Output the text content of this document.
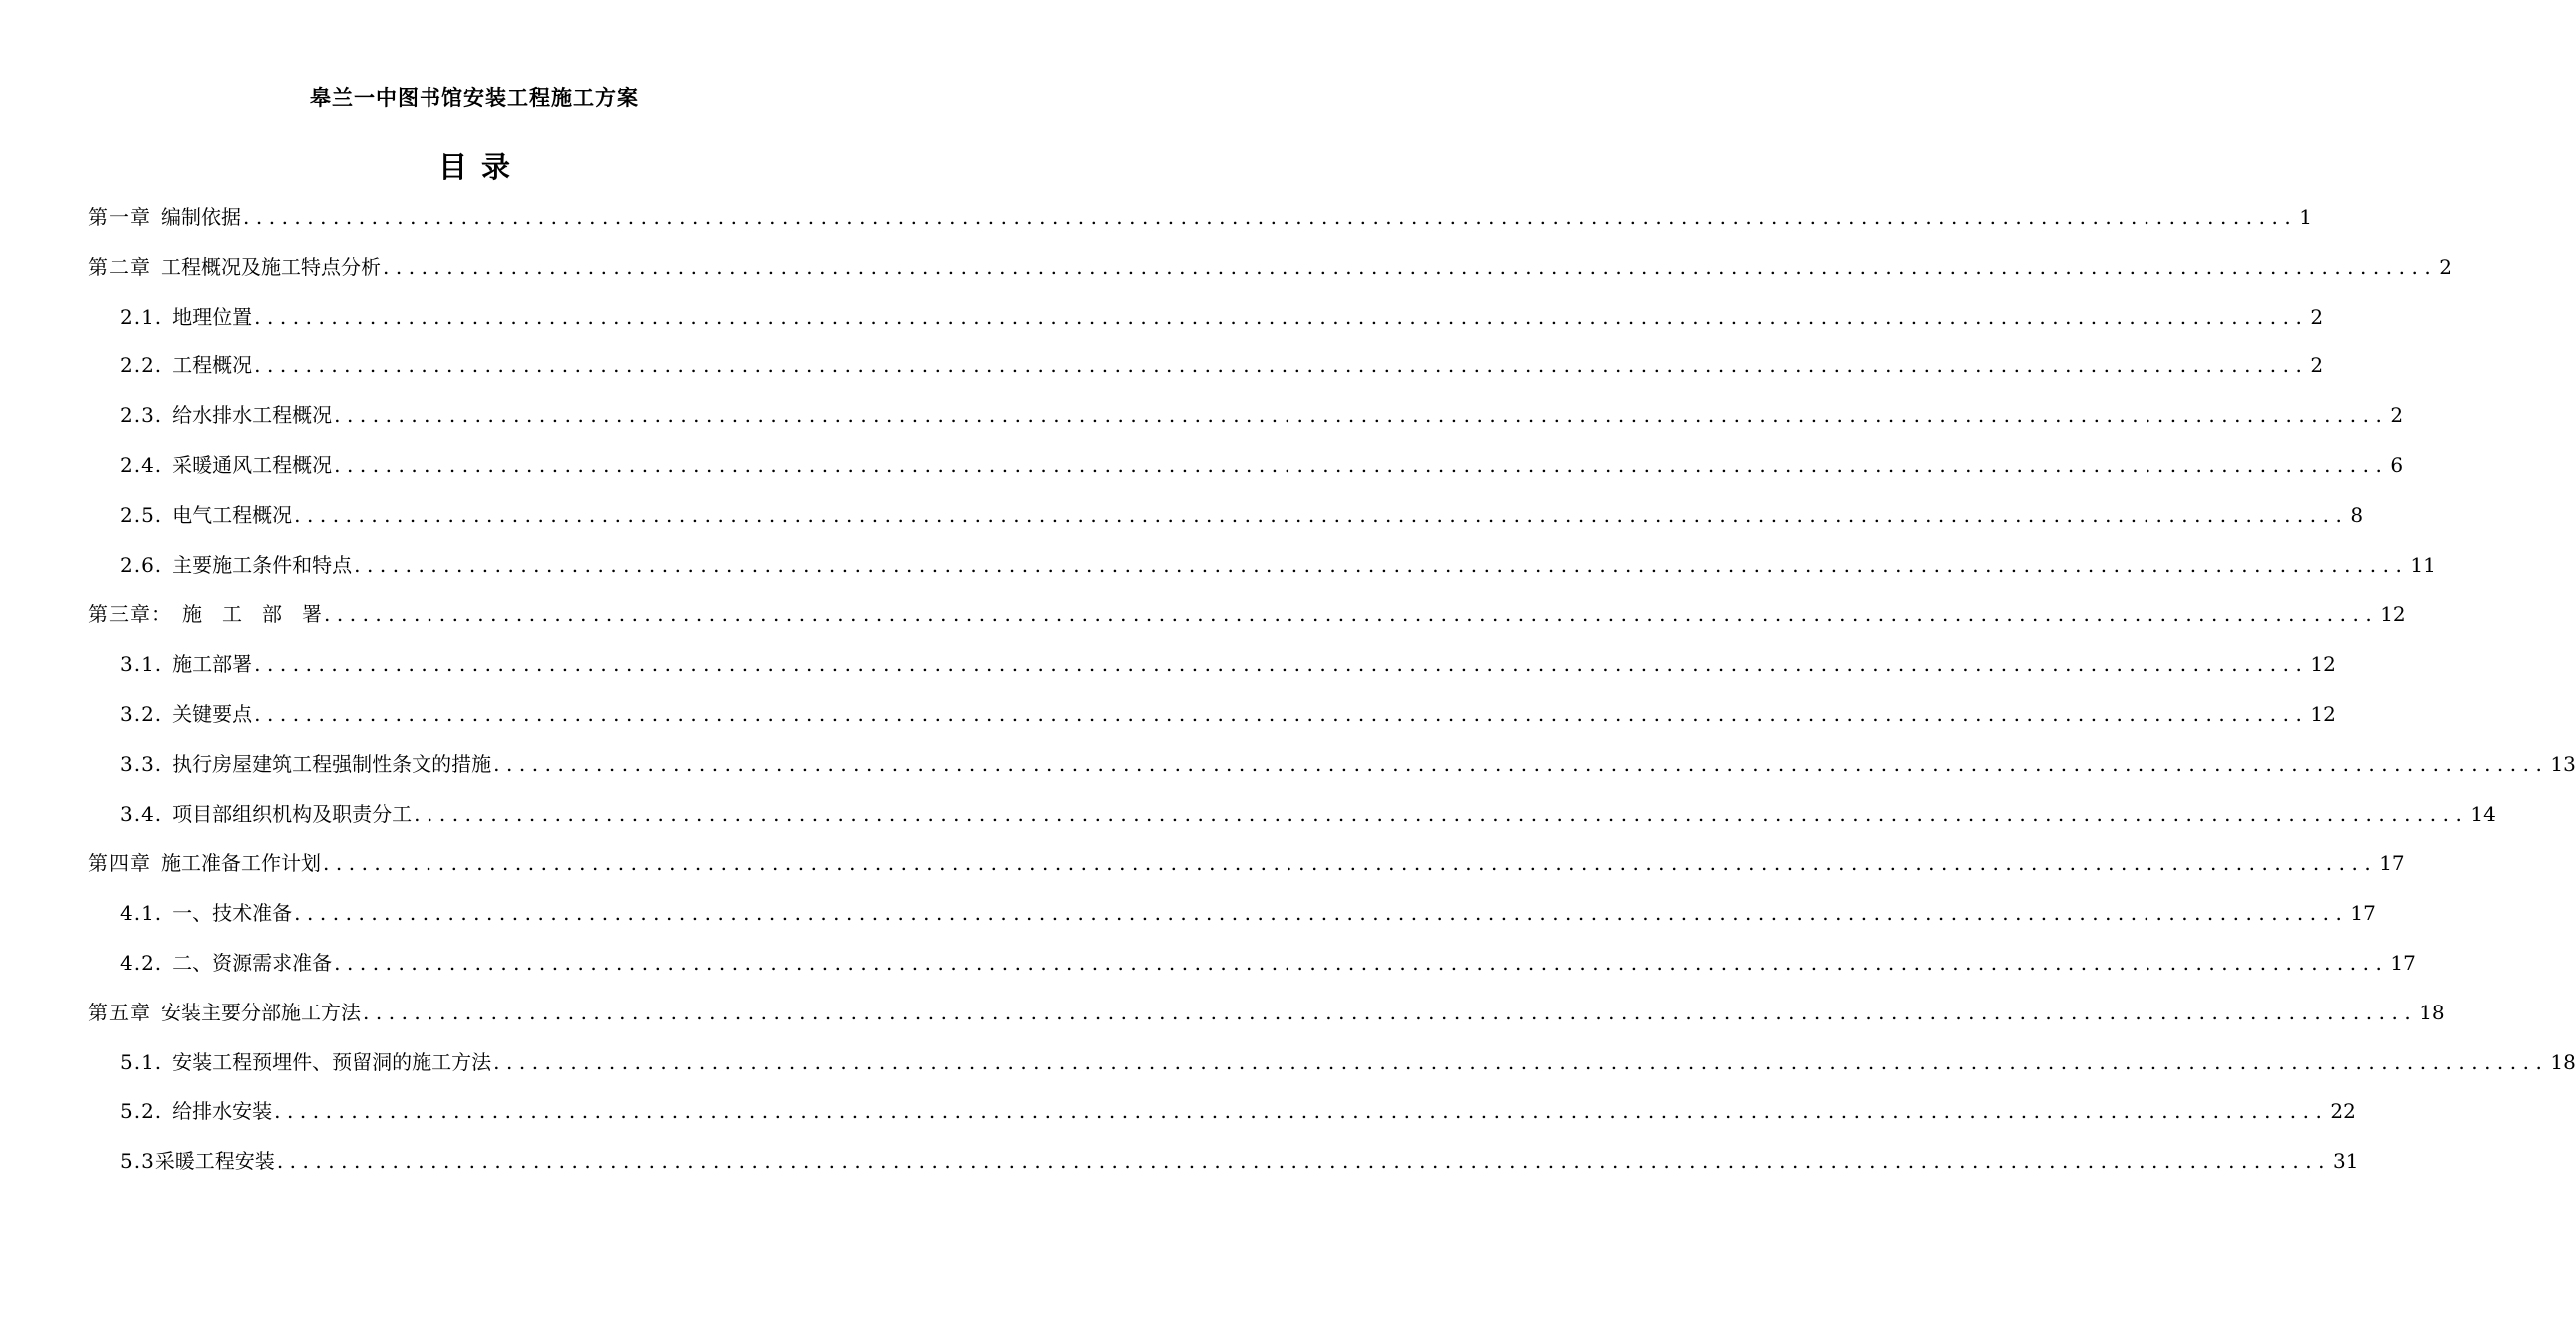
皋兰一中图书馆安装工程施工方案
目录
第一章 编制依据 ................................................................................................................................................................ 1
第二章 工程概况及施工特点分析 ................................................................................................................................................................ 2
2.1. 地理位置 ................................................................................................................................................................ 2
2.2. 工程概况 ................................................................................................................................................................ 2
2.3. 给水排水工程概况 ................................................................................................................................................................ 2
2.4. 采暖通风工程概况 ................................................................................................................................................................ 6
2.5. 电气工程概况 ................................................................................................................................................................ 8
2.6. 主要施工条件和特点 ................................................................................................................................................................ 11
第三章： 施　工　部　署 ................................................................................................................................................................ 12
3.1. 施工部署 ................................................................................................................................................................ 12
3.2. 关键要点 ................................................................................................................................................................ 12
3.3. 执行房屋建筑工程强制性条文的措施 ................................................................................................................................................................ 13
3.4. 项目部组织机构及职责分工 ................................................................................................................................................................ 14
第四章 施工准备工作计划 ................................................................................................................................................................ 17
4.1. 一、技术准备 ................................................................................................................................................................ 17
4.2. 二、资源需求准备 ................................................................................................................................................................ 17
第五章 安装主要分部施工方法 ................................................................................................................................................................ 18
5.1. 安装工程预埋件、预留洞的施工方法 ................................................................................................................................................................ 18
5.2. 给排水安装 ................................................................................................................................................................ 22
5.3 采暖工程安装 ................................................................................................................................................................ 31
